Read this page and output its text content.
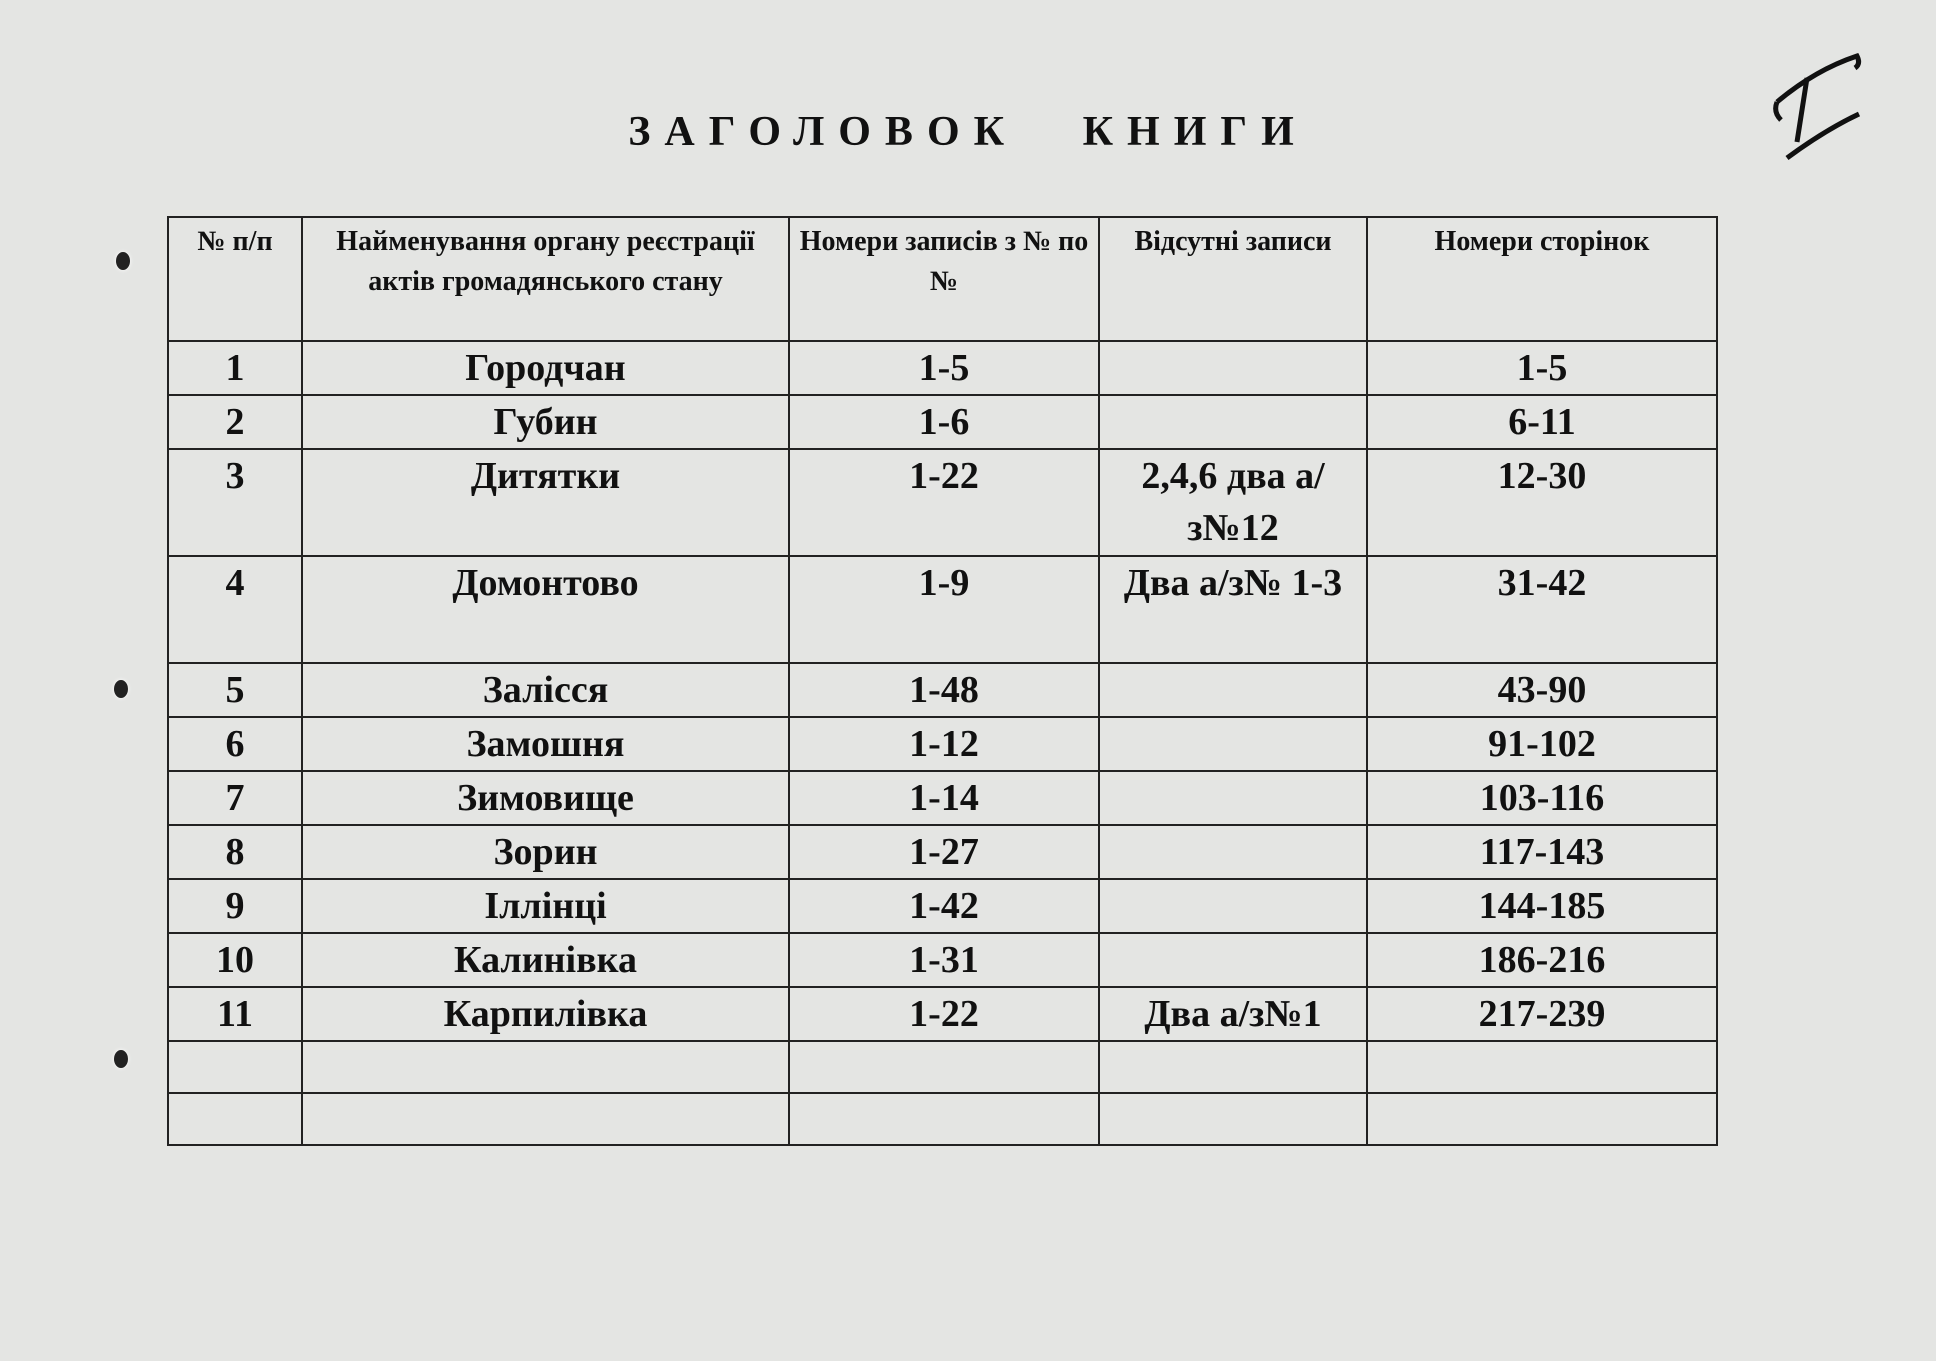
ЗАГОЛОВОК КНИГИ
№ п/п	Найменування органу реєстрації актів громадянського стану	Номери записів з № по №	Відсутні записи	Номери сторінок
1	Городчан	1-5		1-5
2	Губин	1-6		6-11
3	Дитятки	1-22	2,4,6 два а/з№12	12-30
4	Домонтово	1-9	Два а/з№ 1-3	31-42
5	Залісся	1-48		43-90
6	Замошня	1-12		91-102
7	Зимовище	1-14		103-116
8	Зорин	1-27		117-143
9	Іллінці	1-42		144-185
10	Калинівка	1-31		186-216
11	Карпилівка	1-22	Два а/з№1	217-239
